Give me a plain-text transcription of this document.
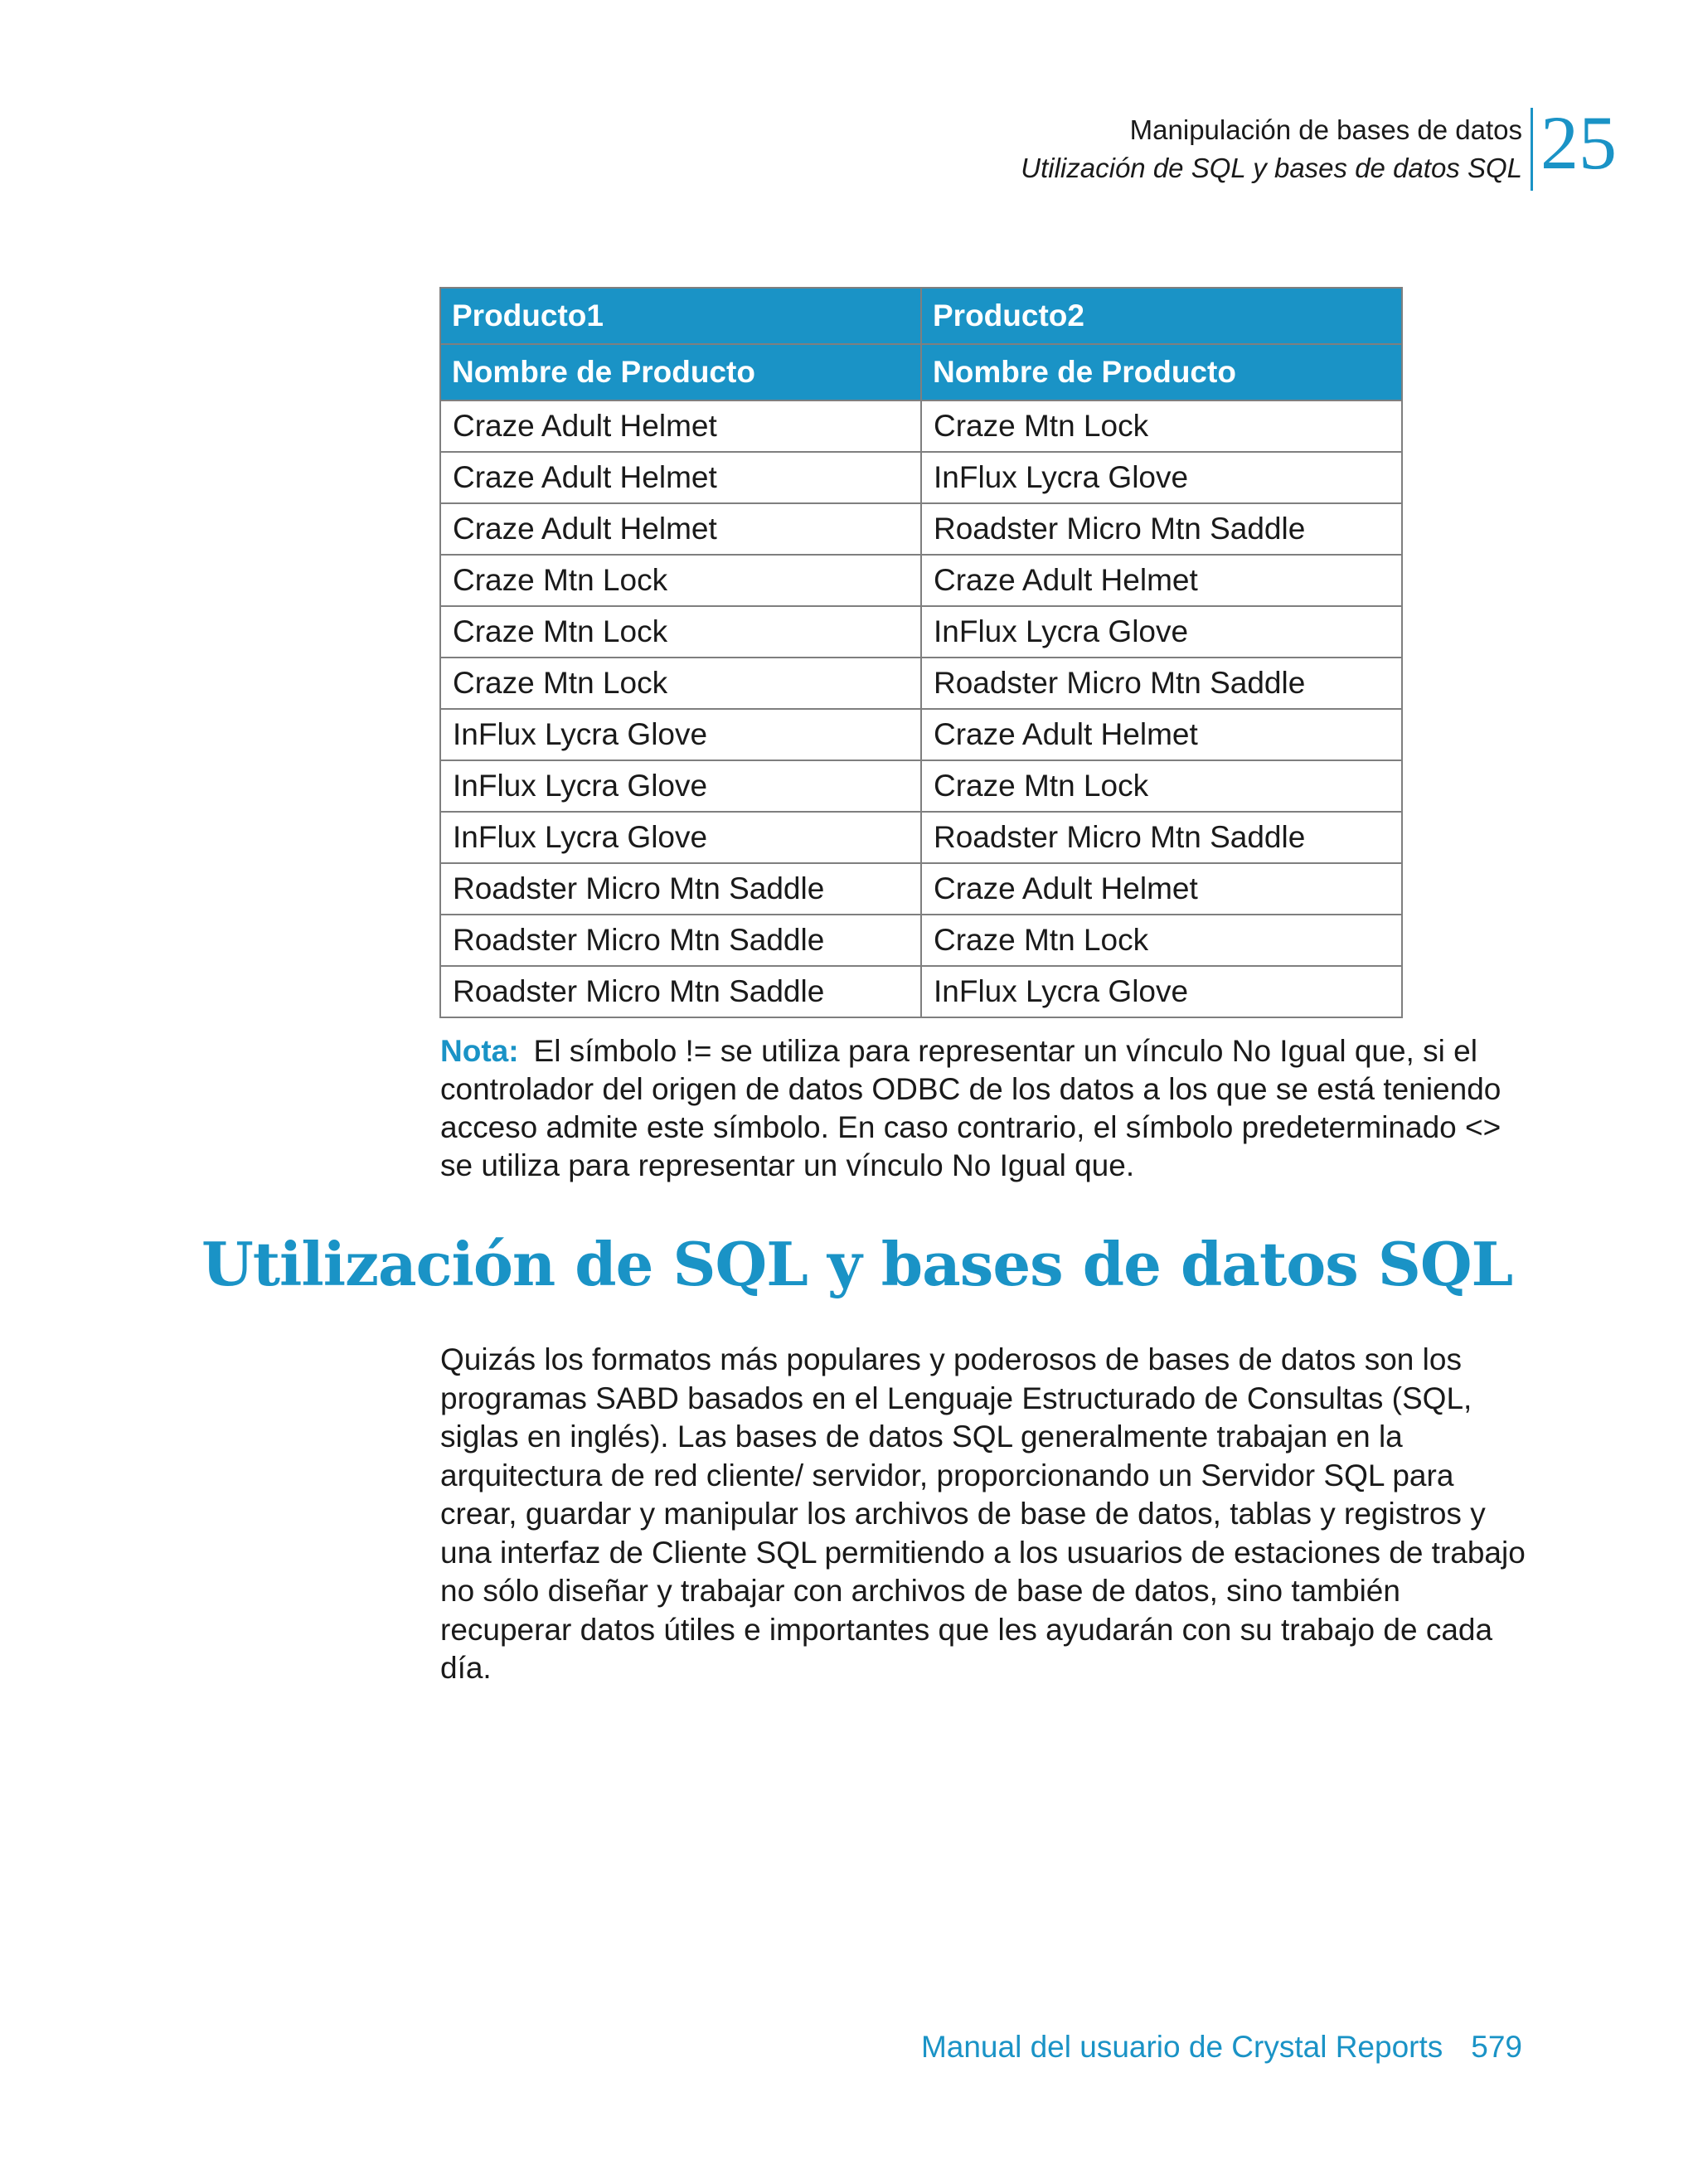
Manipulación de bases de datos
Utilización de SQL y bases de datos SQL 25
Producto1	Producto2
Nombre de Producto	Nombre de Producto
Craze Adult Helmet	Craze Mtn Lock
Craze Adult Helmet	InFlux Lycra Glove
Craze Adult Helmet	Roadster Micro Mtn Saddle
Craze Mtn Lock	Craze Adult Helmet
Craze Mtn Lock	InFlux Lycra Glove
Craze Mtn Lock	Roadster Micro Mtn Saddle
InFlux Lycra Glove	Craze Adult Helmet
InFlux Lycra Glove	Craze Mtn Lock
InFlux Lycra Glove	Roadster Micro Mtn Saddle
Roadster Micro Mtn Saddle	Craze Adult Helmet
Roadster Micro Mtn Saddle	Craze Mtn Lock
Roadster Micro Mtn Saddle	InFlux Lycra Glove
Nota: El símbolo != se utiliza para representar un vínculo No Igual que, si el controlador del origen de datos ODBC de los datos a los que se está teniendo acceso admite este símbolo. En caso contrario, el símbolo predeterminado <> se utiliza para representar un vínculo No Igual que.
Utilización de SQL y bases de datos SQL

Quizás los formatos más populares y poderosos de bases de datos son los programas SABD basados en el Lenguaje Estructurado de Consultas (SQL, siglas en inglés). Las bases de datos SQL generalmente trabajan en la arquitectura de red cliente/ servidor, proporcionando un Servidor SQL para crear, guardar y manipular los archivos de base de datos, tablas y registros y una interfaz de Cliente SQL permitiendo a los usuarios de estaciones de trabajo no sólo diseñar y trabajar con archivos de base de datos, sino también recuperar datos útiles e importantes que les ayudarán con su trabajo de cada día.

Manual del usuario de Crystal Reports 579
